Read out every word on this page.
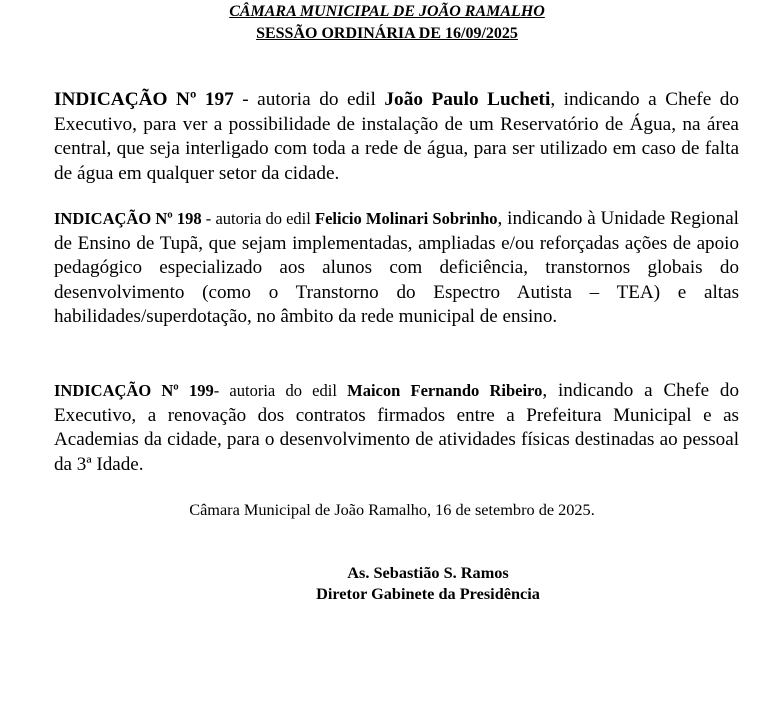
CÂMARA MUNICIPAL DE JOÃO RAMALHO
SESSÃO ORDINÁRIA DE 16/09/2025

INDICAÇÃO Nº 197 - autoria do edil João Paulo Lucheti, indicando a Chefe do Executivo, para ver a possibilidade de instalação de um Reservatório de Água, na área central, que seja interligado com toda a rede de água, para ser utilizado em caso de falta de água em qualquer setor da cidade.

INDICAÇÃO Nº 198 - autoria do edil Felicio Molinari Sobrinho, indicando à Unidade Regional de Ensino de Tupã, que sejam implementadas, ampliadas e/ou reforçadas ações de apoio pedagógico especializado aos alunos com deficiência, transtornos globais do desenvolvimento (como o Transtorno do Espectro Autista – TEA) e altas habilidades/superdotação, no âmbito da rede municipal de ensino.

INDICAÇÃO Nº 199- autoria do edil Maicon Fernando Ribeiro, indicando a Chefe do Executivo, a renovação dos contratos firmados entre a Prefeitura Municipal e as Academias da cidade, para o desenvolvimento de atividades físicas destinadas ao pessoal da 3ª Idade.

Câmara Municipal de João Ramalho, 16 de setembro de 2025.
As. Sebastião S. Ramos
Diretor Gabinete da Presidência
